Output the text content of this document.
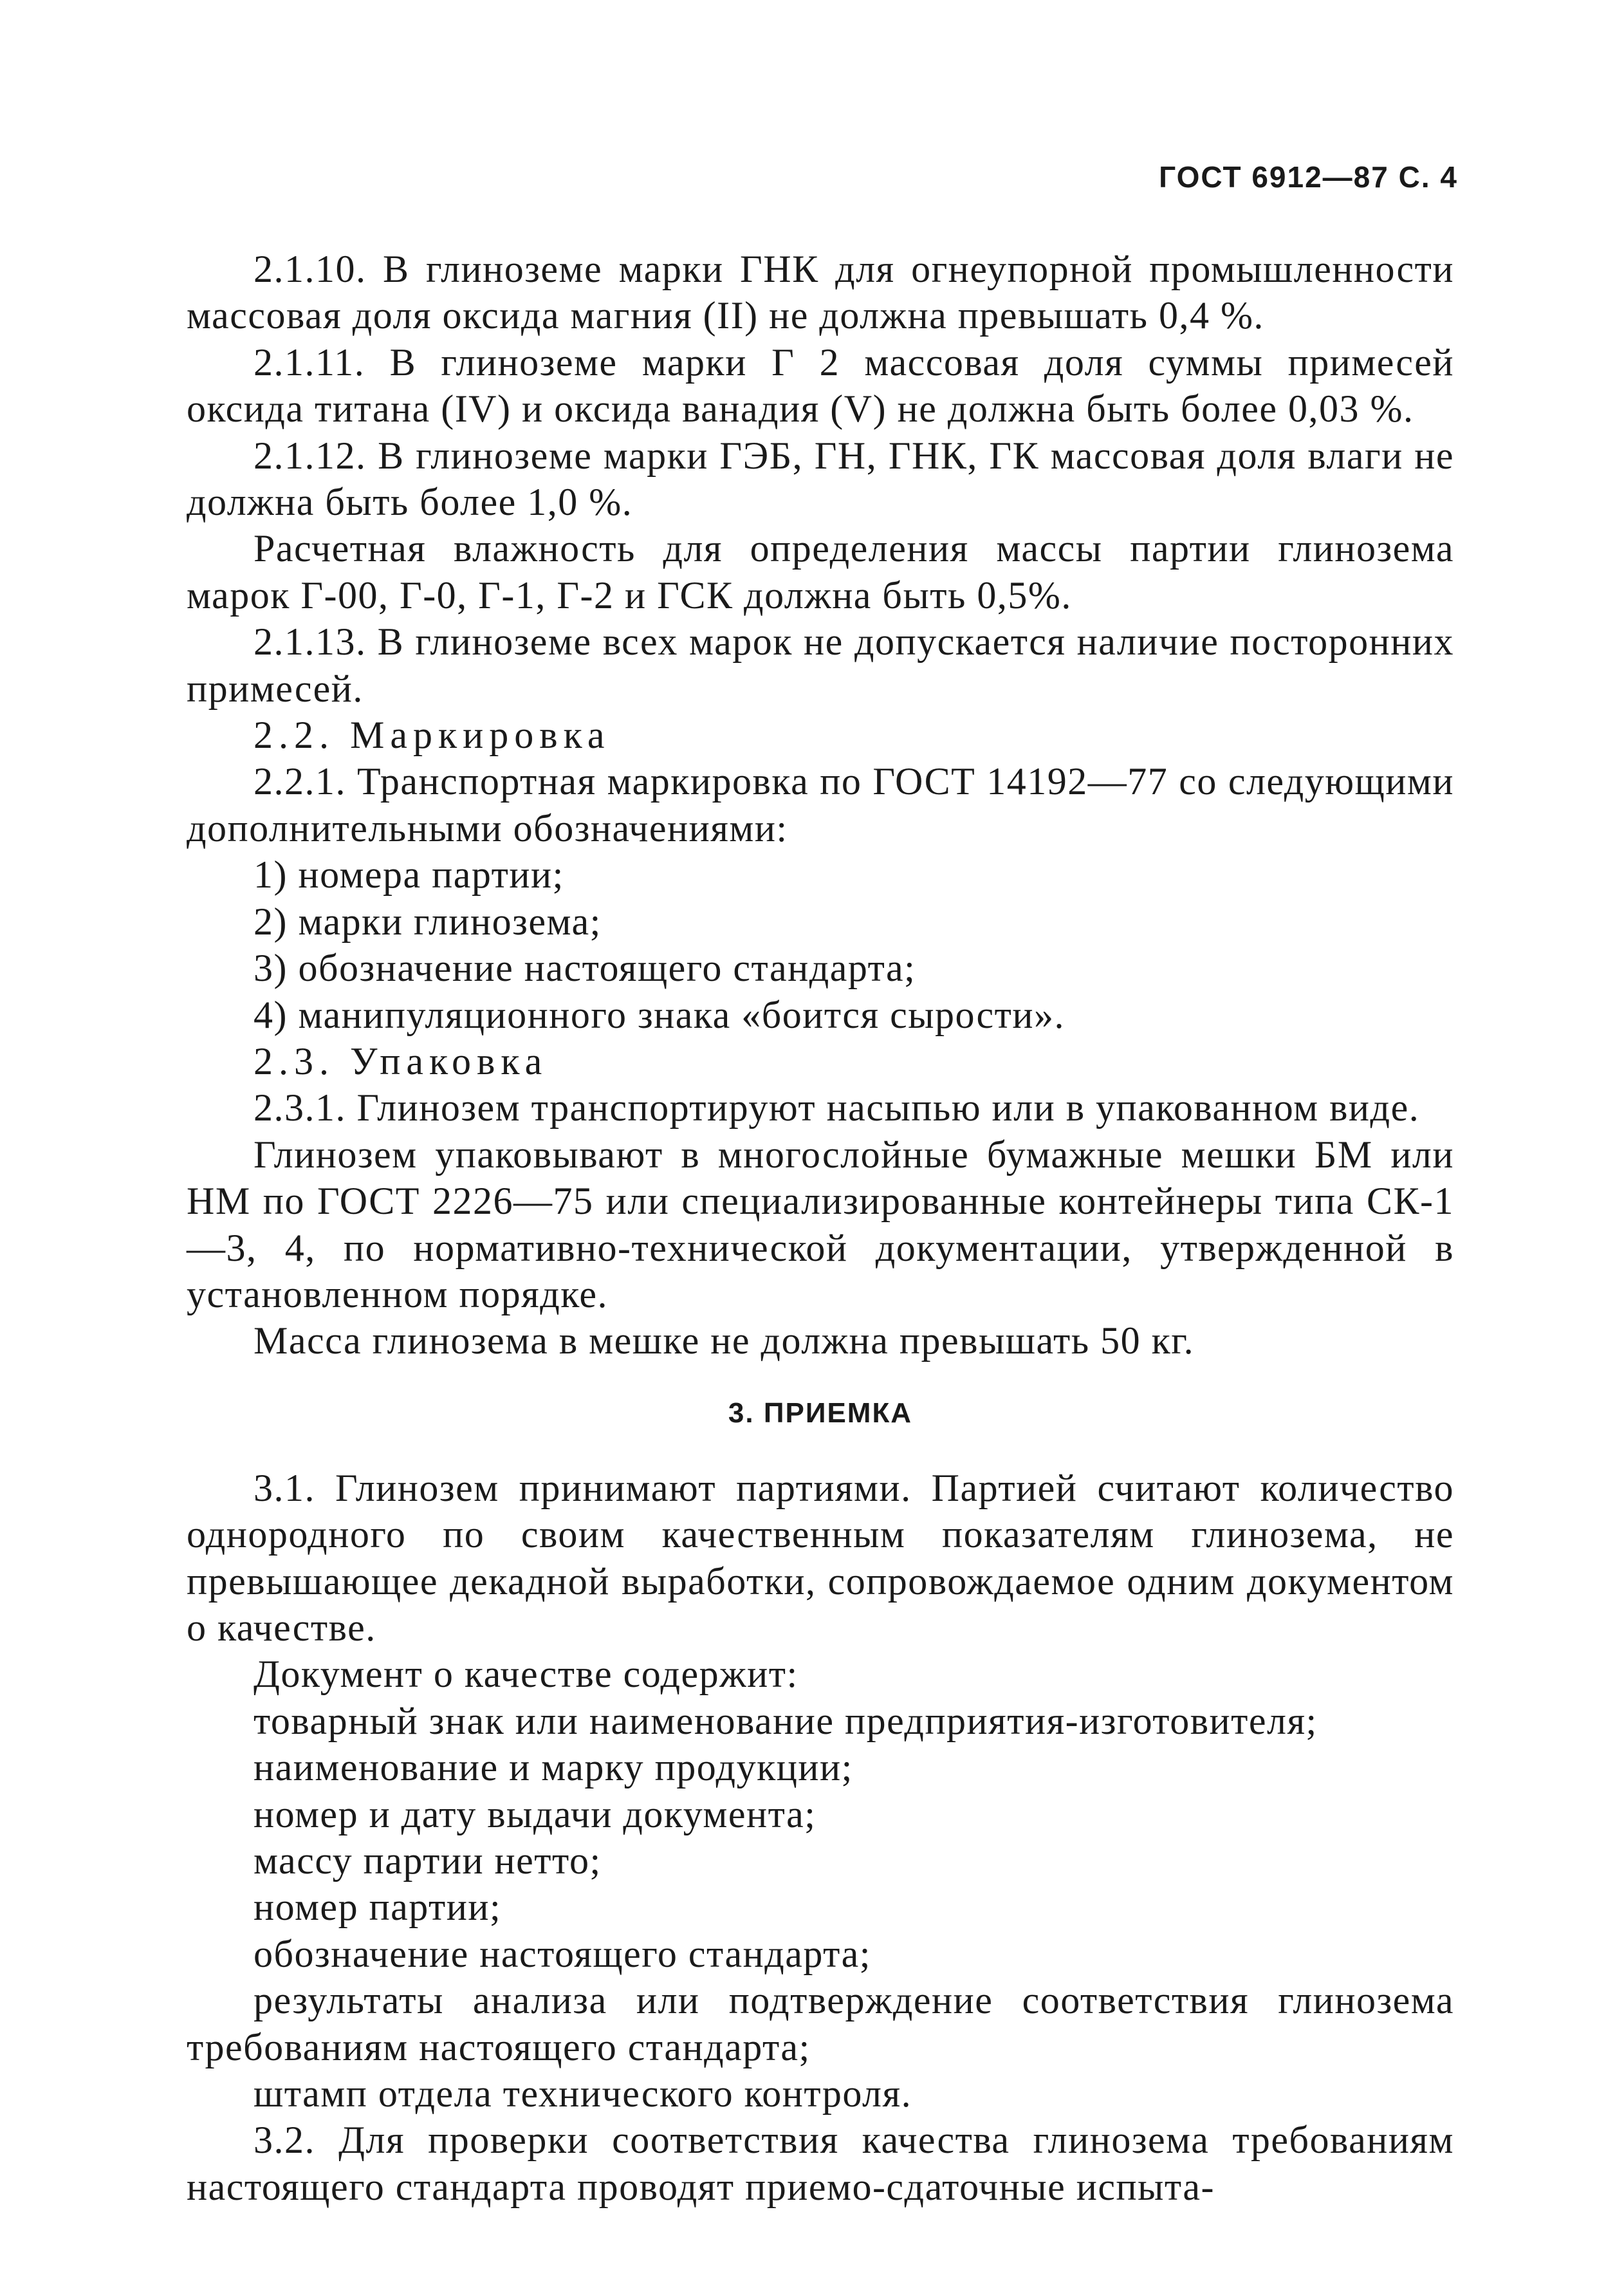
ГОСТ 6912—87 С. 4

2.1.10. В глиноземе марки ГНК для огнеупорной промышленности массовая доля оксида магния (II) не должна превышать 0,4 %.

2.1.11. В глиноземе марки Г 2 массовая доля суммы примесей оксида титана (IV) и оксида ванадия (V) не должна быть более 0,03 %.

2.1.12. В глиноземе марки ГЭБ, ГН, ГНК, ГК массовая доля влаги не должна быть более 1,0 %.

Расчетная влажность для определения массы партии глинозема марок Г-00, Г-0, Г-1, Г-2 и ГСК должна быть 0,5%.

2.1.13. В глиноземе всех марок не допускается наличие посторонних примесей.

2.2. Маркировка

2.2.1. Транспортная маркировка по ГОСТ 14192—77 со следующими дополнительными обозначениями:

1) номера партии;

2) марки глинозема;

3) обозначение настоящего стандарта;

4) манипуляционного знака «боится сырости».

2.3. Упаковка

2.3.1. Глинозем транспортируют насыпью или в упакованном виде.

Глинозем упаковывают в многослойные бумажные мешки БМ или НМ по ГОСТ 2226—75 или специализированные контейнеры типа СК-1—3, 4, по нормативно-технической документации, утвержденной в установленном порядке.

Масса глинозема в мешке не должна превышать 50 кг.

3. ПРИЕМКА

3.1. Глинозем принимают партиями. Партией считают количество однородного по своим качественным показателям глинозема, не превышающее декадной выработки, сопровождаемое одним документом о качестве.

Документ о качестве содержит:

товарный знак или наименование предприятия-изготовителя;

наименование и марку продукции;

номер и дату выдачи документа;

массу партии нетто;

номер партии;

обозначение настоящего стандарта;

результаты анализа или подтверждение соответствия глинозема требованиям настоящего стандарта;

штамп отдела технического контроля.

3.2. Для проверки соответствия качества глинозема требованиям настоящего стандарта проводят приемо-сдаточные испыта-
